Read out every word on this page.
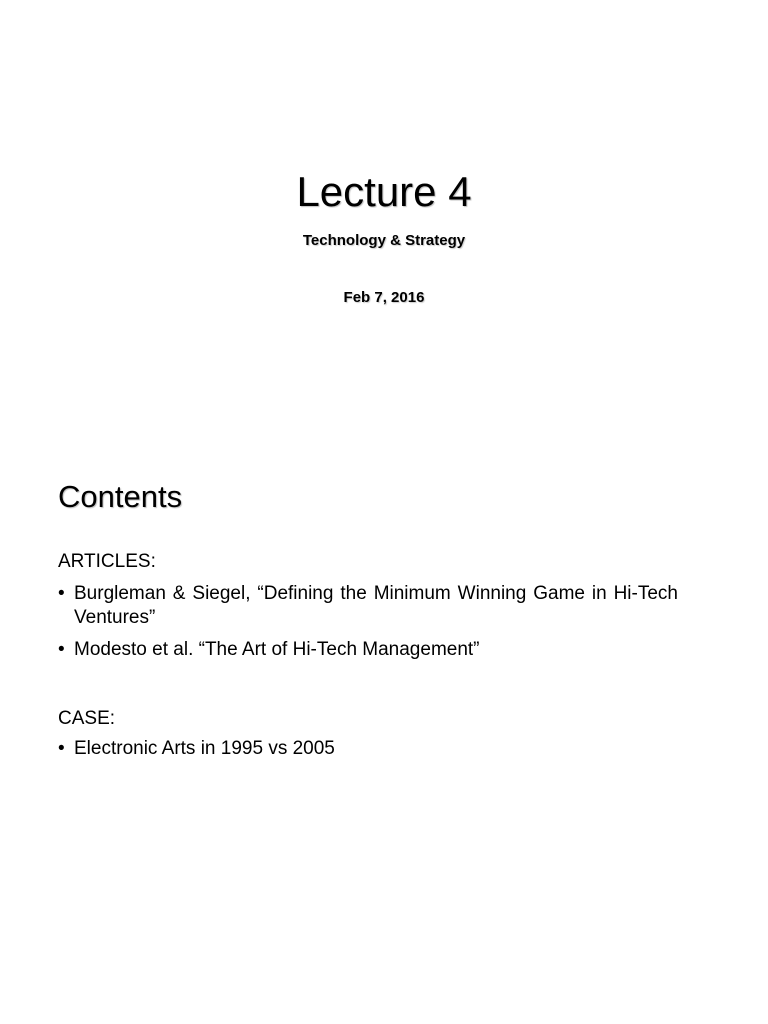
Lecture 4
Technology & Strategy
Feb 7, 2016
Contents
ARTICLES:
• Burgleman & Siegel, “Defining the Minimum Winning Game in Hi-Tech Ventures”
• Modesto et al. “The Art of Hi-Tech Management”
CASE:
• Electronic Arts in 1995 vs 2005
